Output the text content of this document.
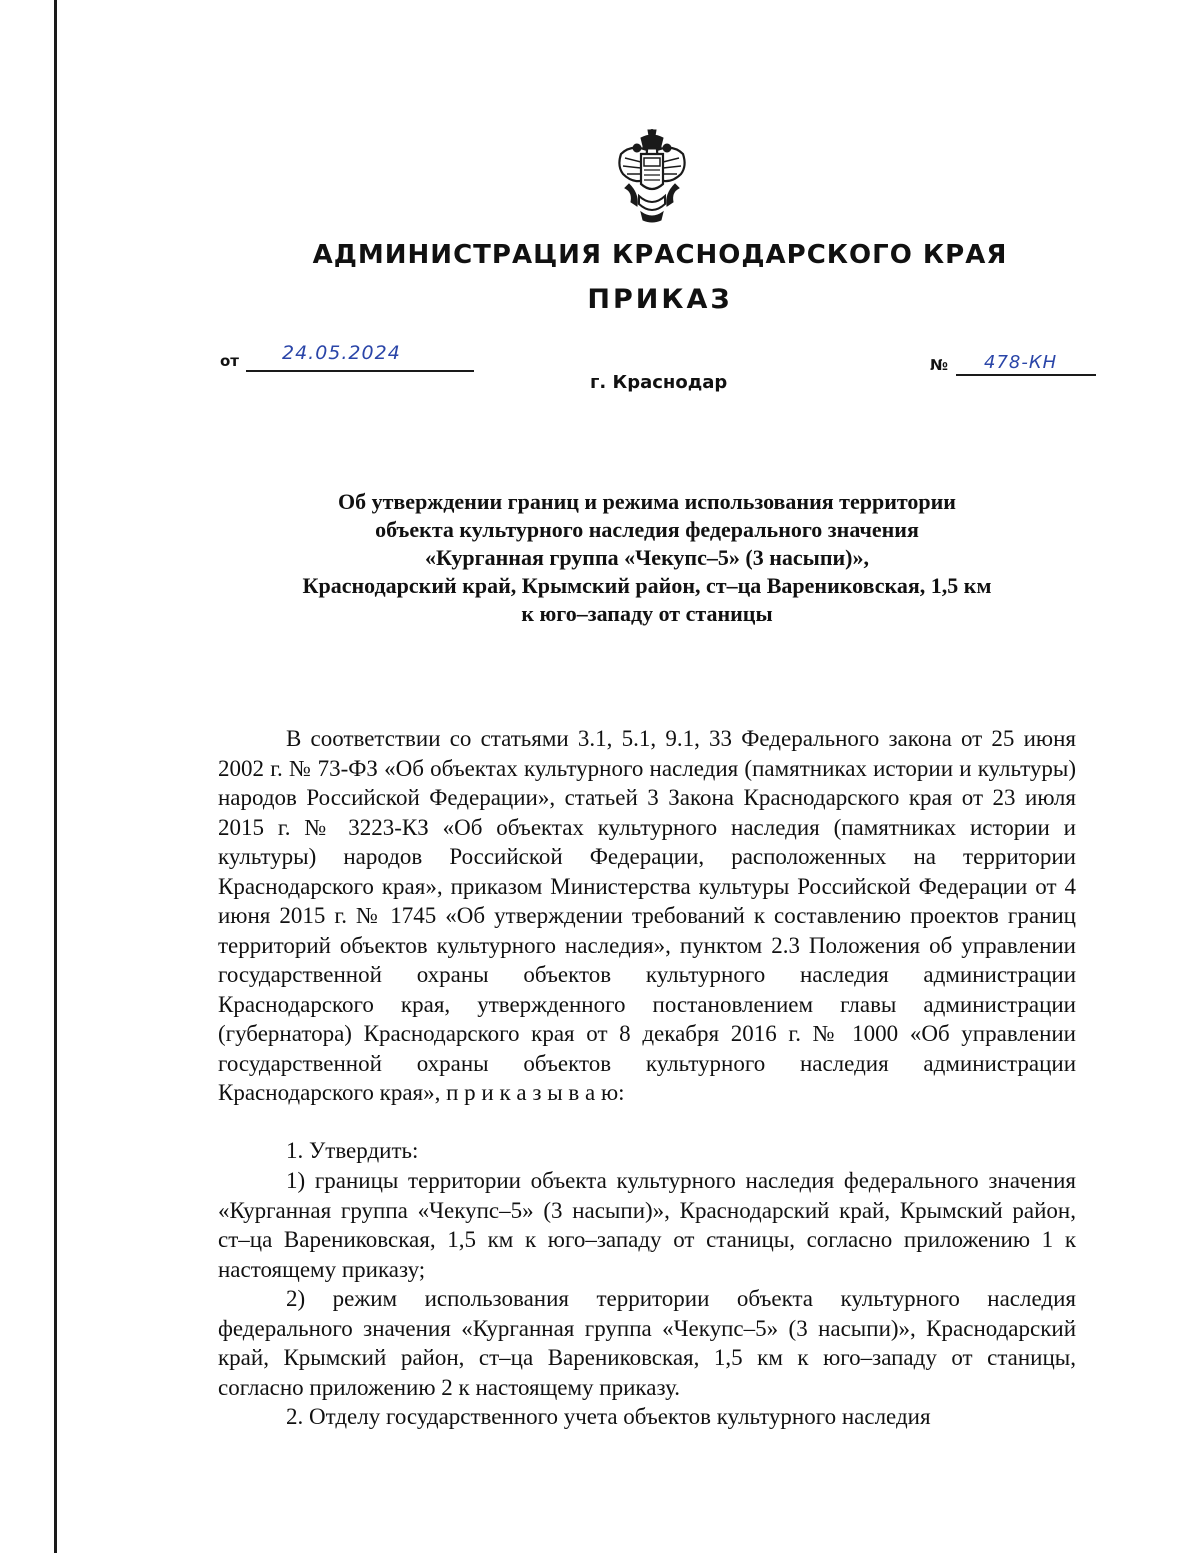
АДМИНИСТРАЦИЯ КРАСНОДАРСКОГО КРАЯ
ПРИКАЗ
от 24.05.2024
№ 478-КН
г. Краснодар
Об утверждении границ и режима использования территории
объекта культурного наследия федерального значения
«Курганная группа «Чекупс–5» (3 насыпи)»,
Краснодарский край, Крымский район, ст–ца Варениковская, 1,5 км
к юго–западу от станицы

В соответствии со статьями 3.1, 5.1, 9.1, 33 Федерального закона от 25 июня 2002 г. № 73-ФЗ «Об объектах культурного наследия (памятниках истории и культуры) народов Российской Федерации», статьей 3 Закона Краснодарского края от 23 июля 2015 г. № 3223-КЗ «Об объектах культурного наследия (памятниках истории и культуры) народов Российской Федерации, расположенных на территории Краснодарского края», приказом Министерства культуры Российской Федерации от 4 июня 2015 г. № 1745 «Об утверждении требований к составлению проектов границ территорий объектов культурного наследия», пунктом 2.3 Положения об управлении государственной охраны объектов культурного наследия администрации Краснодарского края, утвержденного постановлением главы администрации (губернатора) Краснодарского края от 8 декабря 2016 г. № 1000 «Об управлении государственной охраны объектов культурного наследия администрации Краснодарского края», п р и к а з ы в а ю:

1. Утвердить:

1) границы территории объекта культурного наследия федерального значения «Курганная группа «Чекупс–5» (3 насыпи)», Краснодарский край, Крымский район, ст–ца Варениковская, 1,5 км к юго–западу от станицы, согласно приложению 1 к настоящему приказу;

2) режим использования территории объекта культурного наследия федерального значения «Курганная группа «Чекупс–5» (3 насыпи)», Краснодарский край, Крымский район, ст–ца Варениковская, 1,5 км к юго–западу от станицы, согласно приложению 2 к настоящему приказу.

2. Отделу государственного учета объектов культурного наследия
